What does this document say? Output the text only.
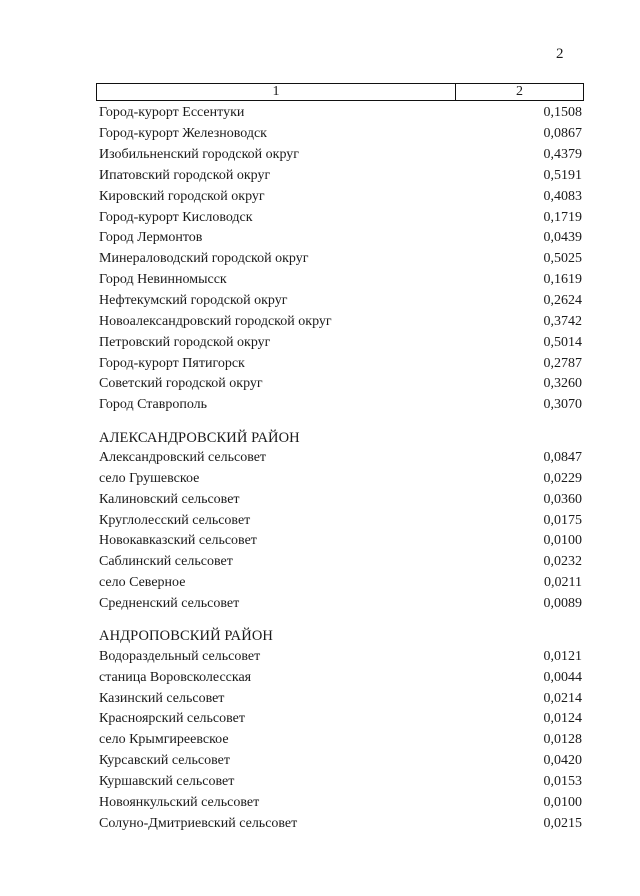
2
1	2
Город-курорт Ессентуки	0,1508
Город-курорт Железноводск	0,0867
Изобильненский городской округ	0,4379
Ипатовский городской округ	0,5191
Кировский городской округ	0,4083
Город-курорт Кисловодск	0,1719
Город Лермонтов	0,0439
Минераловодский городской округ	0,5025
Город Невинномысск	0,1619
Нефтекумский городской округ	0,2624
Новоалександровский городской округ	0,3742
Петровский городской округ	0,5014
Город-курорт Пятигорск	0,2787
Советский городской округ	0,3260
Город Ставрополь	0,3070
АЛЕКСАНДРОВСКИЙ РАЙОН
Александровский сельсовет	0,0847
село Грушевское	0,0229
Калиновский сельсовет	0,0360
Круглолесский сельсовет	0,0175
Новокавказский сельсовет	0,0100
Саблинский сельсовет	0,0232
село Северное	0,0211
Средненский сельсовет	0,0089
АНДРОПОВСКИЙ РАЙОН
Водораздельный сельсовет	0,0121
станица Воровсколесская	0,0044
Казинский сельсовет	0,0214
Красноярский сельсовет	0,0124
село Крымгиреевское	0,0128
Курсавский сельсовет	0,0420
Куршавский сельсовет	0,0153
Новоянкульский сельсовет	0,0100
Солуно-Дмитриевский сельсовет	0,0215
